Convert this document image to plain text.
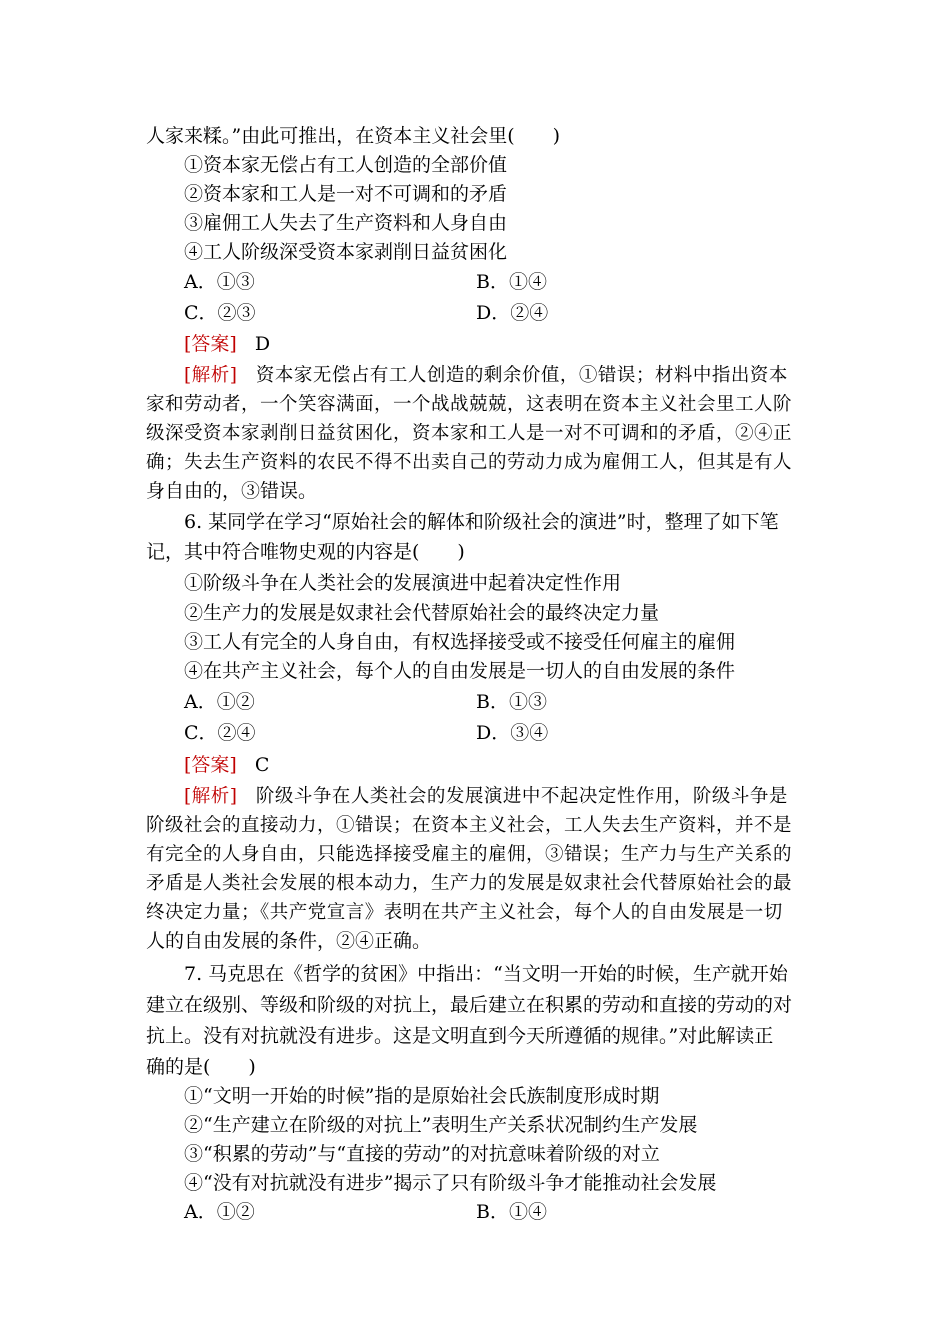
人家来糅。”由此可推出，在资本主义社会里(　　)
①资本家无偿占有工人创造的全部价值
②资本家和工人是一对不可调和的矛盾
③雇佣工人失去了生产资料和人身自由
④工人阶级深受资本家剥削日益贫困化
A．①③	B．①④
C．②③	D．②④
[答案] D
[解析] 资本家无偿占有工人创造的剩余价值，①错误；材料中指出资本
家和劳动者，一个笑容满面，一个战战兢兢，这表明在资本主义社会里工人阶
级深受资本家剥削日益贫困化，资本家和工人是一对不可调和的矛盾，②④正
确；失去生产资料的农民不得不出卖自己的劳动力成为雇佣工人，但其是有人
身自由的，③错误。
6. 某同学在学习“原始社会的解体和阶级社会的演进”时，整理了如下笔
记，其中符合唯物史观的内容是(　　)
①阶级斗争在人类社会的发展演进中起着决定性作用
②生产力的发展是奴隶社会代替原始社会的最终决定力量
③工人有完全的人身自由，有权选择接受或不接受任何雇主的雇佣
④在共产主义社会，每个人的自由发展是一切人的自由发展的条件
A．①②	B．①③
C．②④	D．③④
[答案] C
[解析] 阶级斗争在人类社会的发展演进中不起决定性作用，阶级斗争是
阶级社会的直接动力，①错误；在资本主义社会，工人失去生产资料，并不是
有完全的人身自由，只能选择接受雇主的雇佣，③错误；生产力与生产关系的
矛盾是人类社会发展的根本动力，生产力的发展是奴隶社会代替原始社会的最
终决定力量；《共产党宣言》表明在共产主义社会，每个人的自由发展是一切
人的自由发展的条件，②④正确。
7. 马克思在《哲学的贫困》中指出：“当文明一开始的时候，生产就开始
建立在级别、等级和阶级的对抗上，最后建立在积累的劳动和直接的劳动的对
抗上。没有对抗就没有进步。这是文明直到今天所遵循的规律。”对此解读正
确的是(　　)
①“文明一开始的时候”指的是原始社会氏族制度形成时期
②“生产建立在阶级的对抗上”表明生产关系状况制约生产发展
③“积累的劳动”与“直接的劳动”的对抗意味着阶级的对立
④“没有对抗就没有进步”揭示了只有阶级斗争才能推动社会发展
A．①②	B．①④
